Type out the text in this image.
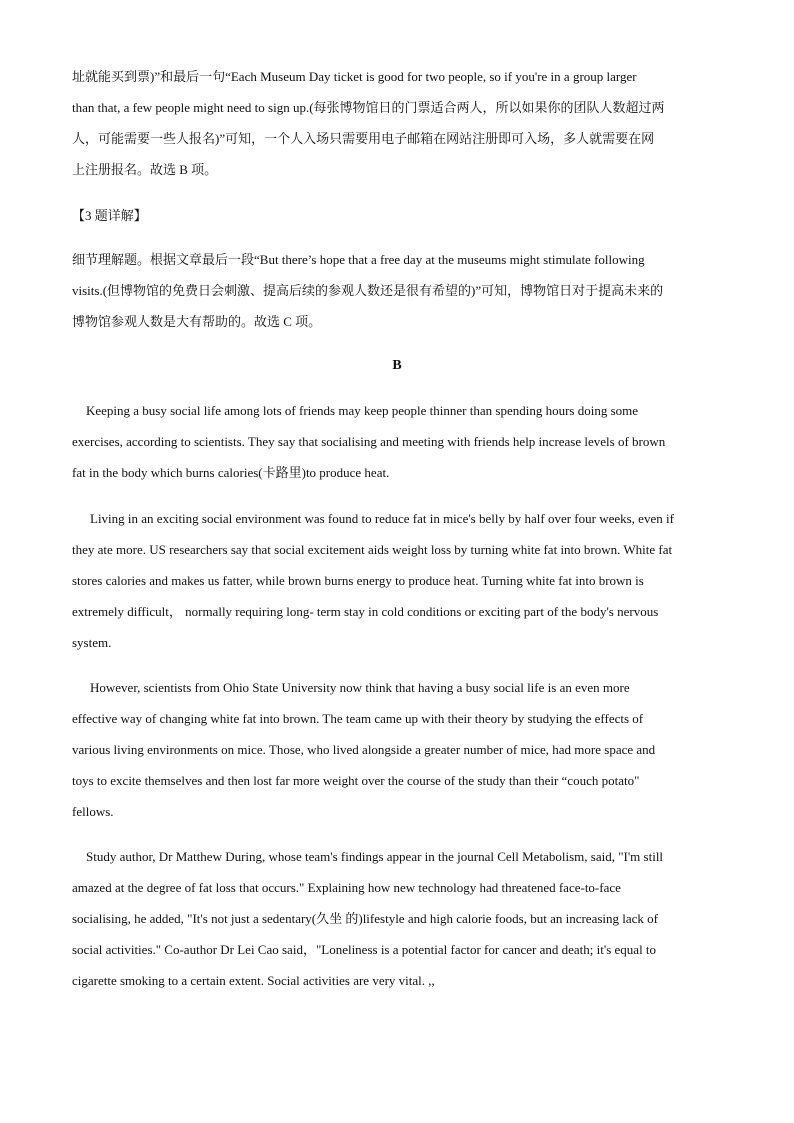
址就能买到票)”和最后一句“Each Museum Day ticket is good for two people, so if you're in a group larger
than that, a few people might need to sign up.(每张博物馆日的门票适合两人，所以如果你的团队人数超过两
人，可能需要一些人报名)”可知，一个人入场只需要用电子邮箱在网站注册即可入场，多人就需要在网
上注册报名。故选 B 项。

【3 题详解】

细节理解题。根据文章最后一段“But there’s hope that a free day at the museums might stimulate following
visits.(但博物馆的免费日会刺激、提高后续的参观人数还是很有希望的)”可知，博物馆日对于提高未来的
博物馆参观人数是大有帮助的。故选 C 项。

B

Keeping a busy social life among lots of friends may keep people thinner than spending hours doing some
exercises, according to scientists. They say that socialising and meeting with friends help increase levels of brown
fat in the body which burns calories(卡路里)to produce heat.
Living in an exciting social environment was found to reduce fat in mice's belly by half over four weeks, even if
they ate more. US researchers say that social excitement aids weight loss by turning white fat into brown. White fat
stores calories and makes us fatter, while brown burns energy to produce heat. Turning white fat into brown is
extremely difficult， normally requiring long- term stay in cold conditions or exciting part of the body's nervous
system.
However, scientists from Ohio State University now think that having a busy social life is an even more
effective way of changing white fat into brown. The team came up with their theory by studying the effects of
various living environments on mice. Those, who lived alongside a greater number of mice, had more space and
toys to excite themselves and then lost far more weight over the course of the study than their “couch potato"
fellows.
Study author, Dr Matthew During, whose team's findings appear in the journal Cell Metabolism, said, "I'm still
amazed at the degree of fat loss that occurs." Explaining how new technology had threatened face-to-face
socialising, he added, "It's not just a sedentary(久坐 的)lifestyle and high calorie foods, but an increasing lack of
social activities." Co-author Dr Lei Cao said，"Loneliness is a potential factor for cancer and death; it's equal to
cigarette smoking to a certain extent. Social activities are very vital. ,,
